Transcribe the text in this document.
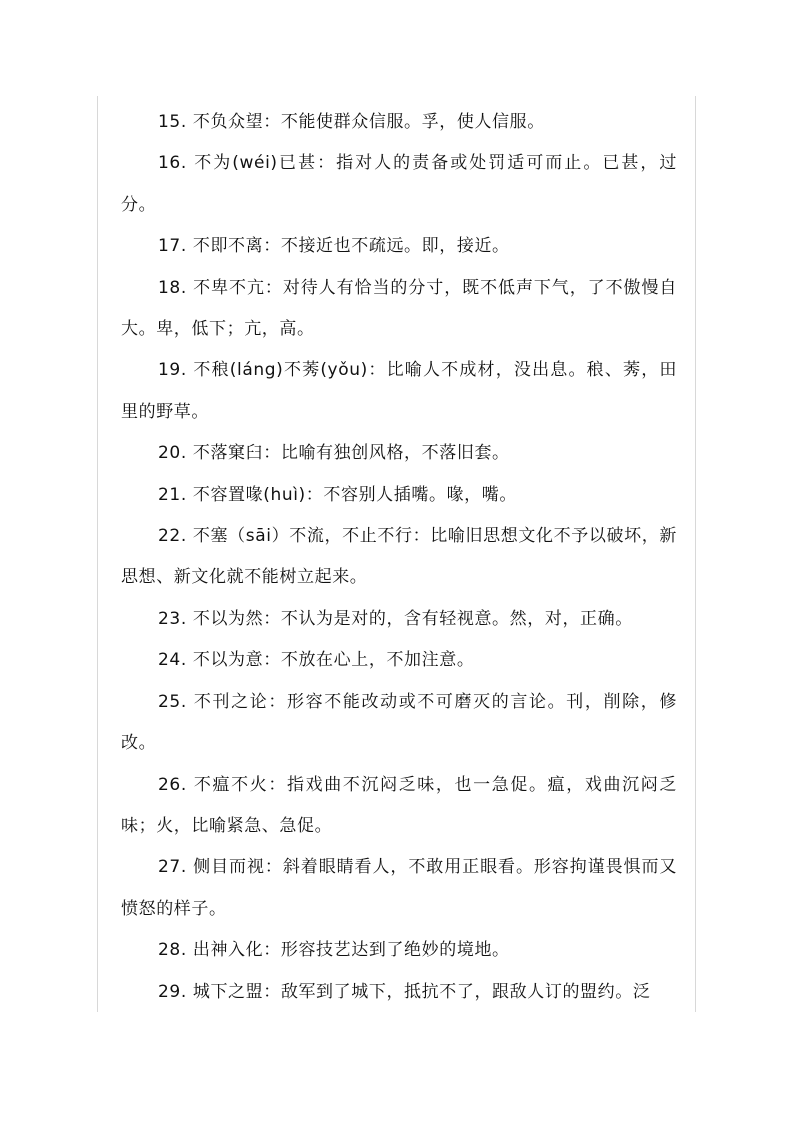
15. 不负众望：不能使群众信服。孚，使人信服。

16. 不为(wéi)已甚：指对人的责备或处罚适可而止。已甚，过分。

17. 不即不离：不接近也不疏远。即，接近。

18. 不卑不亢：对待人有恰当的分寸，既不低声下气，了不傲慢自大。卑，低下；亢，高。

19. 不稂(láng)不莠(yǒu)：比喻人不成材，没出息。稂、莠，田里的野草。

20. 不落窠臼：比喻有独创风格，不落旧套。

21. 不容置喙(huì)：不容别人插嘴。喙，嘴。

22. 不塞（sāi）不流，不止不行：比喻旧思想文化不予以破坏，新思想、新文化就不能树立起来。

23. 不以为然：不认为是对的，含有轻视意。然，对，正确。

24. 不以为意：不放在心上，不加注意。

25. 不刊之论：形容不能改动或不可磨灭的言论。刊，削除，修改。

26. 不瘟不火：指戏曲不沉闷乏味，也一急促。瘟，戏曲沉闷乏味；火，比喻紧急、急促。

27. 侧目而视：斜着眼睛看人，不敢用正眼看。形容拘谨畏惧而又愤怒的样子。

28. 出神入化：形容技艺达到了绝妙的境地。

29. 城下之盟：敌军到了城下，抵抗不了，跟敌人订的盟约。泛
